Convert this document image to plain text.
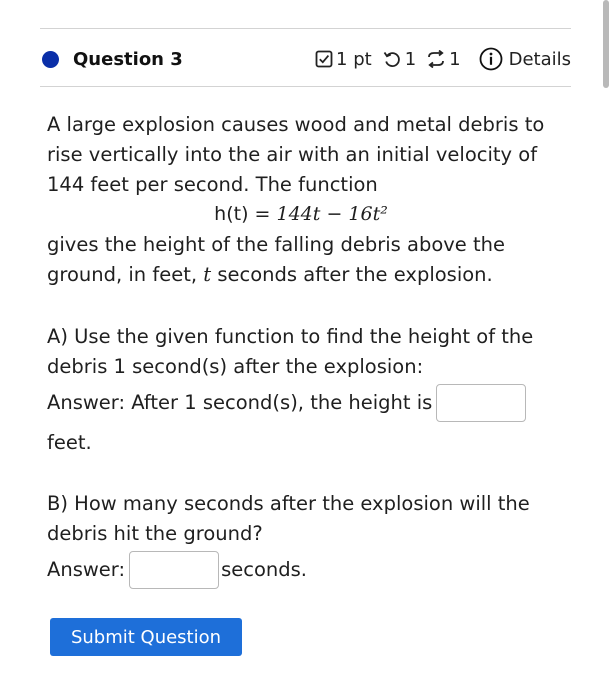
Question 3	1 pt 1 1	Details

A large explosion causes wood and metal debris to rise vertically into the air with an initial velocity of 144 feet per second. The function

h(t) = 144t − 16t²

gives the height of the falling debris above the ground, in feet, t seconds after the explosion.

A) Use the given function to find the height of the debris 1 second(s) after the explosion:

Answer: After 1 second(s), the height is

feet.

B) How many seconds after the explosion will the debris hit the ground?

Answer:	seconds.
Submit Question
